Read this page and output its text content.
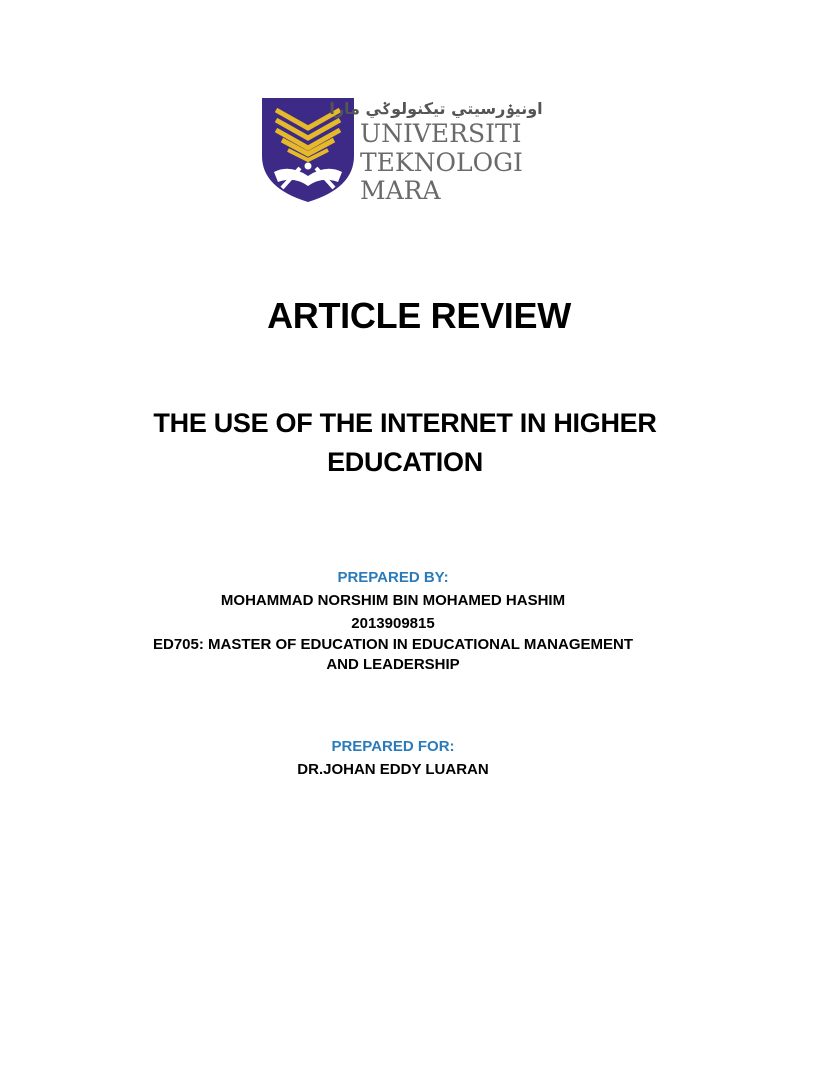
اونيۏرسيتي تيکنولوݢي مارا
UNIVERSITI
TEKNOLOGI
MARA
ARTICLE REVIEW
THE USE OF THE INTERNET IN HIGHER EDUCATION

PREPARED BY:

MOHAMMAD NORSHIM BIN MOHAMED HASHIM

2013909815

ED705: MASTER OF EDUCATION IN EDUCATIONAL MANAGEMENT AND LEADERSHIP

PREPARED FOR:

DR.JOHAN EDDY LUARAN
